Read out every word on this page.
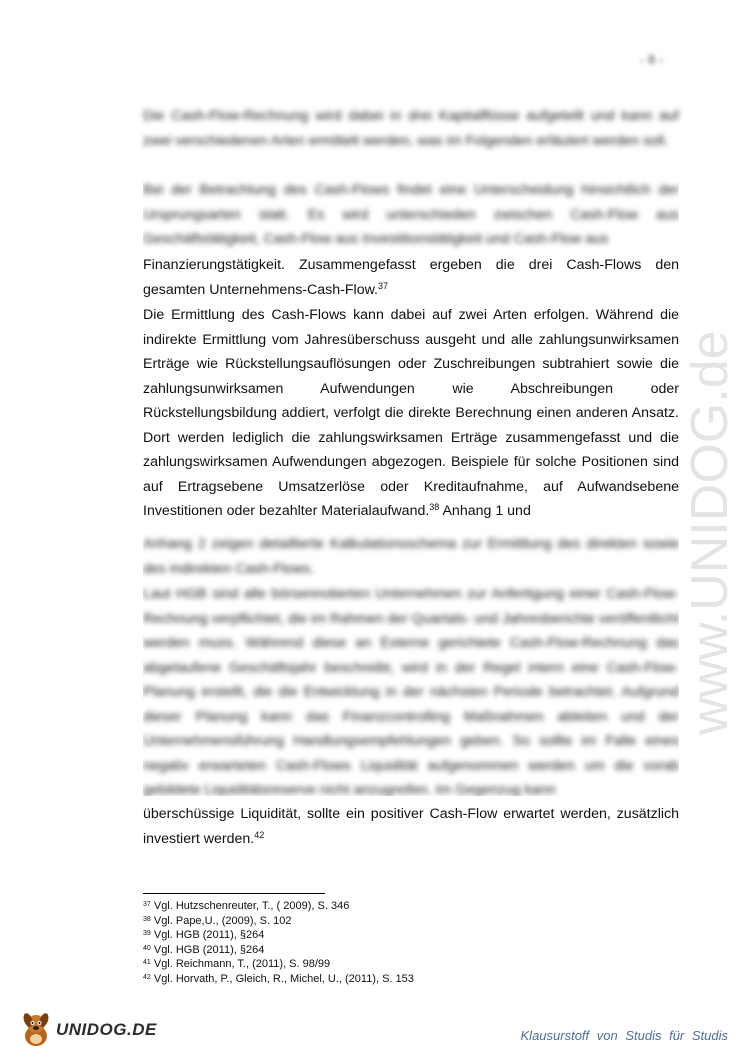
- 8 -
www.UNIDOG.de

Die Cash-Flow-Rechnung wird dabei in drei Kapitalflüsse aufgeteilt und kann auf zwei verschiedenen Arten ermittelt werden, was im Folgenden erläutert werden soll.

Bei der Betrachtung des Cash-Flows findet eine Unterscheidung hinsichtlich der Ursprungsarten statt. Es wird unterschieden zwischen Cash-Flow aus Geschäftstätigkeit, Cash-Flow aus Investitionstätigkeit und Cash-Flow aus

Finanzierungstätigkeit. Zusammengefasst ergeben die drei Cash-Flows den
gesamten Unternehmens-Cash-Flow.$^{37}$
Die Ermittlung des Cash-Flows kann dabei auf zwei Arten erfolgen. Während die indirekte Ermittlung vom Jahresüberschuss ausgeht und alle zahlungsunwirksamen Erträge wie Rückstellungsauflösungen oder Zuschreibungen subtrahiert sowie die zahlungsunwirksamen Aufwendungen wie Abschreibungen oder Rückstellungsbildung addiert, verfolgt die direkte Berechnung einen anderen Ansatz. Dort werden lediglich die zahlungswirksamen Erträge zusammengefasst und die zahlungswirksamen Aufwendungen abgezogen. Beispiele für solche Positionen sind auf Ertragsebene Umsatzerlöse oder Kreditaufnahme, auf Aufwandsebene Investitionen oder bezahlter Materialaufwand.$^{38}$ Anhang 1 und

Anhang 2 zeigen detaillierte Kalkulationsschema zur Ermittlung des direkten sowie des indirekten Cash-Flows.

Laut HGB sind alle börsennotierten Unternehmen zur Anfertigung einer Cash-Flow-Rechnung verpflichtet, die im Rahmen der Quartals- und Jahresberichte veröffentlicht werden muss. Während diese an Externe gerichtete Cash-Flow-Rechnung das abgelaufene Geschäftsjahr beschreibt, wird in der Regel intern eine Cash-Flow-Planung erstellt, die die Entwicklung in der nächsten Periode betrachtet. Aufgrund dieser Planung kann das Finanzcontrolling Maßnahmen ableiten und der Unternehmensführung Handlungsempfehlungen geben. So sollte im Falle eines negativ erwarteten Cash-Flows Liquidität aufgenommen werden um die vorab gebildete Liquiditätsreserve nicht anzugreifen. Im Gegenzug kann

überschüssige Liquidität, sollte ein positiver Cash-Flow erwartet werden, zusätzlich
investiert werden.$^{42}$
$^{37}$ Vgl. Hutzschenreuter, T., ( 2009), S. 346
$^{38}$ Vgl. Pape,U., (2009), S. 102
$^{39}$ Vgl. HGB (2011), §264
$^{40}$ Vgl. HGB (2011), §264
$^{41}$ Vgl. Reichmann, T., (2011), S. 98/99
$^{42}$ Vgl. Horvath, P., Gleich, R., Michel, U., (2011), S. 153
UNIDOG.DE	Klausurstoff von Studis für Studis
